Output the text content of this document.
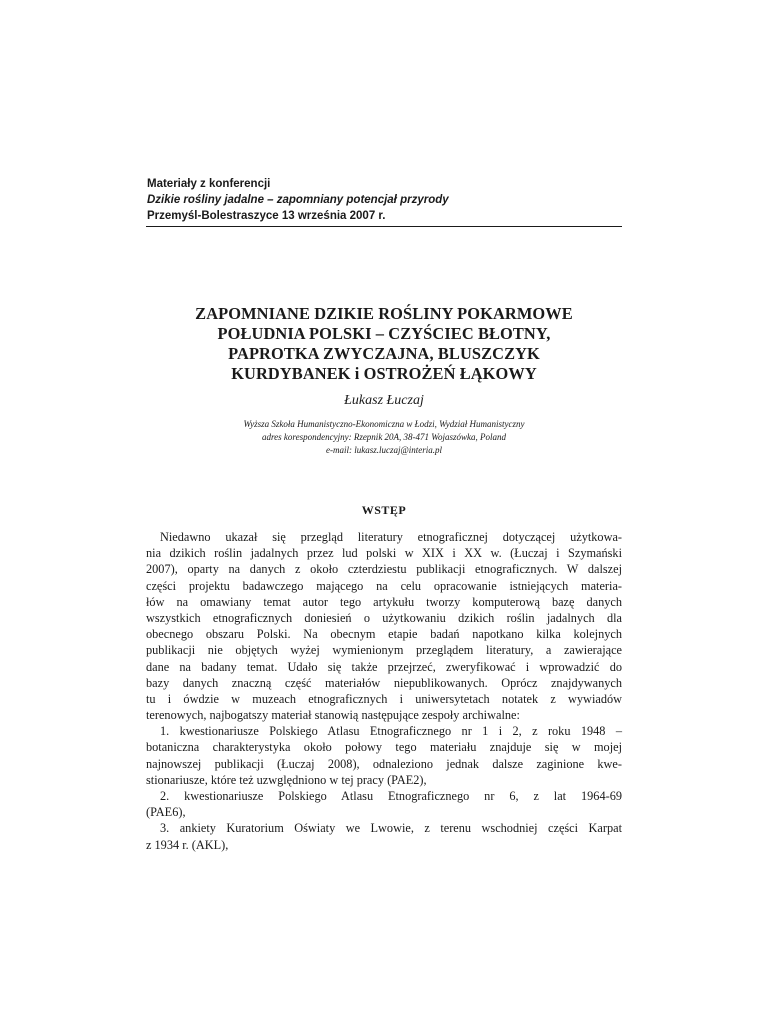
Materiały z konferencji
Dzikie rośliny jadalne – zapomniany potencjał przyrody
Przemyśl-Bolestraszyce 13 września 2007 r.
ZAPOMNIANE DZIKIE ROŚLINY POKARMOWE
POŁUDNIA POLSKI – CZYŚCIEC BŁOTNY,
PAPROTKA ZWYCZAJNA, BLUSZCZYK
KURDYBANEK i OSTROŻEŃ ŁĄKOWY
Łukasz Łuczaj
Wyższa Szkoła Humanistyczno-Ekonomiczna w Łodzi, Wydział Humanistyczny
adres korespondencyjny: Rzepnik 20A, 38-471 Wojaszówka, Poland
e-mail: lukasz.luczaj@interia.pl
WSTĘP
Niedawno ukazał się przegląd literatury etnograficznej dotyczącej użytkowa-
nia dzikich roślin jadalnych przez lud polski w XIX i XX w. (Łuczaj i Szymański
2007), oparty na danych z około czterdziestu publikacji etnograficznych. W dalszej
części projektu badawczego mającego na celu opracowanie istniejących materia-
łów na omawiany temat autor tego artykułu tworzy komputerową bazę danych
wszystkich etnograficznych doniesień o użytkowaniu dzikich roślin jadalnych dla
obecnego obszaru Polski. Na obecnym etapie badań napotkano kilka kolejnych
publikacji nie objętych wyżej wymienionym przeglądem literatury, a zawierające
dane na badany temat. Udało się także przejrzeć, zweryfikować i wprowadzić do
bazy danych znaczną część materiałów niepublikowanych. Oprócz znajdywanych
tu i ówdzie w muzeach etnograficznych i uniwersytetach notatek z wywiadów
terenowych, najbogatszy materiał stanowią następujące zespoły archiwalne:
1. kwestionariusze Polskiego Atlasu Etnograficznego nr 1 i 2, z roku 1948 –
botaniczna charakterystyka około połowy tego materiału znajduje się w mojej
najnowszej publikacji (Łuczaj 2008), odnaleziono jednak dalsze zaginione kwe-
stionariusze, które też uzwględniono w tej pracy (PAE2),
2. kwestionariusze Polskiego Atlasu Etnograficznego nr 6, z lat 1964-69
(PAE6),
3. ankiety Kuratorium Oświaty we Lwowie, z terenu wschodniej części Karpat
z 1934 r. (AKL),
